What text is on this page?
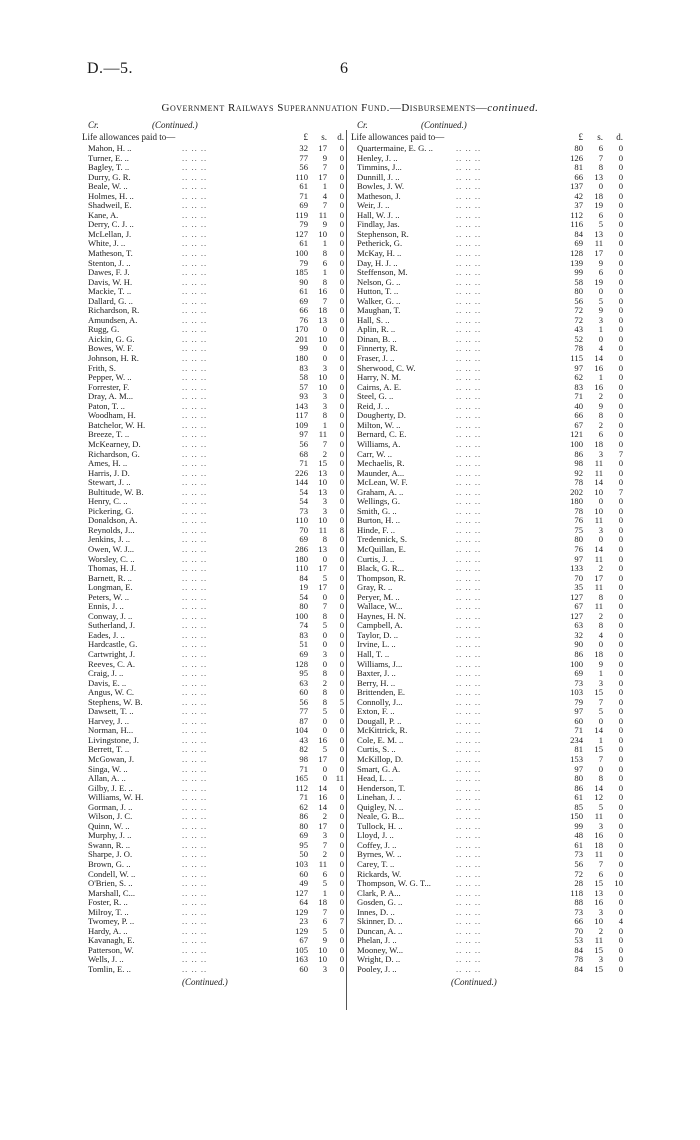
D.—5.	6
Government Railways Superannuation Fund.—Disbursements—continued.
Cr.	(Continued.)
Life allowances paid to—	£	s.	d.
.. .. ..
Mahon, H. ..	32	17	0
.. .. ..
Turner, E. ..	77	9	0
.. .. ..
Bagley, T. ..	56	7	0
.. .. ..
Durry, G. R.	110	17	0
.. .. ..
Beale, W. ..	61	1	0
.. .. ..
Holmes, H. ..	71	4	0
.. .. ..
Shadweil, E.	69	7	0
.. .. ..
Kane, A.	119	11	0
.. .. ..
Derry, C. J. ..	79	9	0
.. .. ..
McLellan, J.	127	10	0
.. .. ..
White, J. ..	61	1	0
.. .. ..
Matheson, T.	100	8	0
.. .. ..
Stenton, J. ..	79	6	0
.. .. ..
Dawes, F. J.	185	1	0
.. .. ..
Davis, W. H.	90	8	0
.. .. ..
Mackie, T. ..	61	16	0
.. .. ..
Dallard, G. ..	69	7	0
.. .. ..
Richardson, R.	66	18	0
.. .. ..
Amundsen, A.	76	13	0
.. .. ..
Rugg, G.	170	0	0
.. .. ..
Aickin, G. G.	201	10	0
.. .. ..
Bowes, W. F.	99	0	0
.. .. ..
Johnson, H. R.	180	0	0
.. .. ..
Frith, S.	83	3	0
.. .. ..
Pepper, W. ..	58	10	0
.. .. ..
Forrester, F.	57	10	0
.. .. ..
Dray, A. M...	93	3	0
.. .. ..
Paton, T. ..	143	3	0
.. .. ..
Woodham, H.	117	8	0
.. .. ..
Batchelor, W. H.	109	1	0
.. .. ..
Breeze, T. ..	97	11	0
.. .. ..
McKearney, D.	56	7	0
.. .. ..
Richardson, G.	68	2	0
.. .. ..
Ames, H. ..	71	15	0
.. .. ..
Harris, J. D.	226	13	0
.. .. ..
Stewart, J. ..	144	10	0
.. .. ..
Bultitude, W. B.	54	13	0
.. .. ..
Henry, C. ..	54	3	0
.. .. ..
Pickering, G.	73	3	0
.. .. ..
Donaldson, A.	110	10	0
.. .. ..
Reynolds, J...	70	11	8
.. .. ..
Jenkins, J. ..	69	8	0
.. .. ..
Owen, W. J...	286	13	0
.. .. ..
Worsley, C. ..	180	0	0
.. .. ..
Thomas, H. J.	110	17	0
.. .. ..
Barnett, R. ..	84	5	0
.. .. ..
Longman, E.	19	17	0
.. .. ..
Peters, W. ..	54	0	0
.. .. ..
Ennis, J. ..	80	7	0
.. .. ..
Conway, J. ..	100	8	0
.. .. ..
Sutherland, J.	74	5	0
.. .. ..
Eades, J. ..	83	0	0
.. .. ..
Hardcastle, G.	51	0	0
.. .. ..
Cartwright, J.	69	3	0
.. .. ..
Reeves, C. A.	128	0	0
.. .. ..
Craig, J. ..	95	8	0
.. .. ..
Davis, E. ..	63	2	0
.. .. ..
Angus, W. C.	60	8	0
.. .. ..
Stephens, W. B.	56	8	5
.. .. ..
Dawsett, T. ..	77	5	0
.. .. ..
Harvey, J. ..	87	0	0
.. .. ..
Norman, H...	104	0	0
.. .. ..
Livingstone, J.	43	16	0
.. .. ..
Berrett, T. ..	82	5	0
.. .. ..
McGowan, J.	98	17	0
.. .. ..
Singa, W. ..	71	0	0
.. .. ..
Allan, A. ..	165	0	11
.. .. ..
Gilby, J. E. ..	112	14	0
.. .. ..
Williams, W. H.	71	16	0
.. .. ..
Gorman, J. ..	62	14	0
.. .. ..
Wilson, J. C.	86	2	0
.. .. ..
Quinn, W. ..	80	17	0
.. .. ..
Murphy, J. ..	69	3	0
.. .. ..
Swann, R. ..	95	7	0
.. .. ..
Sharpe, J. O.	50	2	0
.. .. ..
Brown, G. ..	103	11	0
.. .. ..
Condell, W. ..	60	6	0
.. .. ..
O'Brien, S. ..	49	5	0
.. .. ..
Marshall, C...	127	1	0
.. .. ..
Foster, R. ..	64	18	0
.. .. ..
Milroy, T. ..	129	7	0
.. .. ..
Twomey, P. ..	23	6	7
.. .. ..
Hardy, A. ..	129	5	0
.. .. ..
Kavanagh, E.	67	9	0
.. .. ..
Patterson, W.	105	10	0
.. .. ..
Wells, J. ..	163	10	0
.. .. ..
Tomlin, E. ..	60	3	0
(Continued.)
Cr.	(Continued.)
Life allowances paid to—	£	s.	d.
.. .. ..
Quartermaine, E. G. ..	80	6	0
.. .. ..
Henley, J. ..	126	7	0
.. .. ..
Timmins, J...	81	8	0
.. .. ..
Dunnill, J. ..	66	13	0
.. .. ..
Bowles, J. W.	137	0	0
.. .. ..
Matheson, J.	42	18	0
.. .. ..
Weir, J. ..	37	19	0
.. .. ..
Hall, W. J. ..	112	6	0
.. .. ..
Findlay, Jas.	116	5	0
.. .. ..
Stephenson, R.	84	13	0
.. .. ..
Petherick, G.	69	11	0
.. .. ..
McKay, H. ..	128	17	0
.. .. ..
Day, H. J. ..	139	9	0
.. .. ..
Steffenson, M.	99	6	0
.. .. ..
Nelson, G. ..	58	19	0
.. .. ..
Hutton, T. ..	80	0	0
.. .. ..
Walker, G. ..	56	5	0
.. .. ..
Maughan, T.	72	9	0
.. .. ..
Hall, S. ..	72	3	0
.. .. ..
Aplin, R. ..	43	1	0
.. .. ..
Dinan, B. ..	52	0	0
.. .. ..
Finnerty, R.	78	4	0
.. .. ..
Fraser, J. ..	115	14	0
.. .. ..
Sherwood, C. W.	97	16	0
.. .. ..
Harry, N. M.	62	1	0
.. .. ..
Cairns, A. E.	83	16	0
.. .. ..
Steel, G. ..	71	2	0
.. .. ..
Reid, J. ..	40	9	0
.. .. ..
Dougherty, D.	66	8	0
.. .. ..
Milton, W. ..	67	2	0
.. .. ..
Bernard, C. E.	121	6	0
.. .. ..
Williams, A.	100	18	0
.. .. ..
Carr, W. ..	86	3	7
.. .. ..
Mechaelis, R.	98	11	0
.. .. ..
Maunder, A...	92	11	0
.. .. ..
McLean, W. F.	78	14	0
.. .. ..
Graham, A. ..	202	10	7
.. .. ..
Wellings, G.	180	0	0
.. .. ..
Smith, G. ..	78	10	0
.. .. ..
Burton, H. ..	76	11	0
.. .. ..
Hinde, F. ..	75	3	0
.. .. ..
Tredennick, S.	80	0	0
.. .. ..
McQuillan, E.	76	14	0
.. .. ..
Curtis, J. ..	97	11	0
.. .. ..
Black, G. R...	133	2	0
.. .. ..
Thompson, R.	70	17	0
.. .. ..
Gray, R. ..	35	11	0
.. .. ..
Peryer, M. ..	127	8	0
.. .. ..
Wallace, W...	67	11	0
.. .. ..
Haynes, H. N.	127	2	0
.. .. ..
Campbell, A.	63	8	0
.. .. ..
Taylor, D. ..	32	4	0
.. .. ..
Irvine, L. ..	90	0	0
.. .. ..
Hall, T. ..	86	18	0
.. .. ..
Williams, J...	100	9	0
.. .. ..
Baxter, J. ..	69	1	0
.. .. ..
Berry, H. ..	73	3	0
.. .. ..
Brittenden, E.	103	15	0
.. .. ..
Connolly, J...	79	7	0
.. .. ..
Exton, F. ..	97	5	0
.. .. ..
Dougall, P. ..	60	0	0
.. .. ..
McKittrick, R.	71	14	0
.. .. ..
Cole, E. M. ..	234	1	0
.. .. ..
Curtis, S. ..	81	15	0
.. .. ..
McKillop, D.	153	7	0
.. .. ..
Smart, G. A.	97	0	0
.. .. ..
Head, L. ..	80	8	0
.. .. ..
Henderson, T.	86	14	0
.. .. ..
Linehan, J. ..	61	12	0
.. .. ..
Quigley, N. ..	85	5	0
.. .. ..
Neale, G. B...	150	11	0
.. .. ..
Tullock, H. ..	99	3	0
.. .. ..
Lloyd, J. ..	48	16	0
.. .. ..
Coffey, J. ..	61	18	0
.. .. ..
Byrnes, W. ..	73	11	0
.. .. ..
Carey, T. ..	56	7	0
.. .. ..
Rickards, W.	72	6	0
.. .. ..
Thompson, W. G. T...	28	15	10
.. .. ..
Clark, P. A...	118	13	0
.. .. ..
Gosden, G. ..	88	16	0
.. .. ..
Innes, D. ..	73	3	0
.. .. ..
Skinner, D. ..	66	10	4
.. .. ..
Duncan, A. ..	70	2	0
.. .. ..
Phelan, J. ..	53	11	0
.. .. ..
Mooney, W...	84	15	0
.. .. ..
Wright, D. ..	78	3	0
.. .. ..
Pooley, J. ..	84	15	0
(Continued.)
